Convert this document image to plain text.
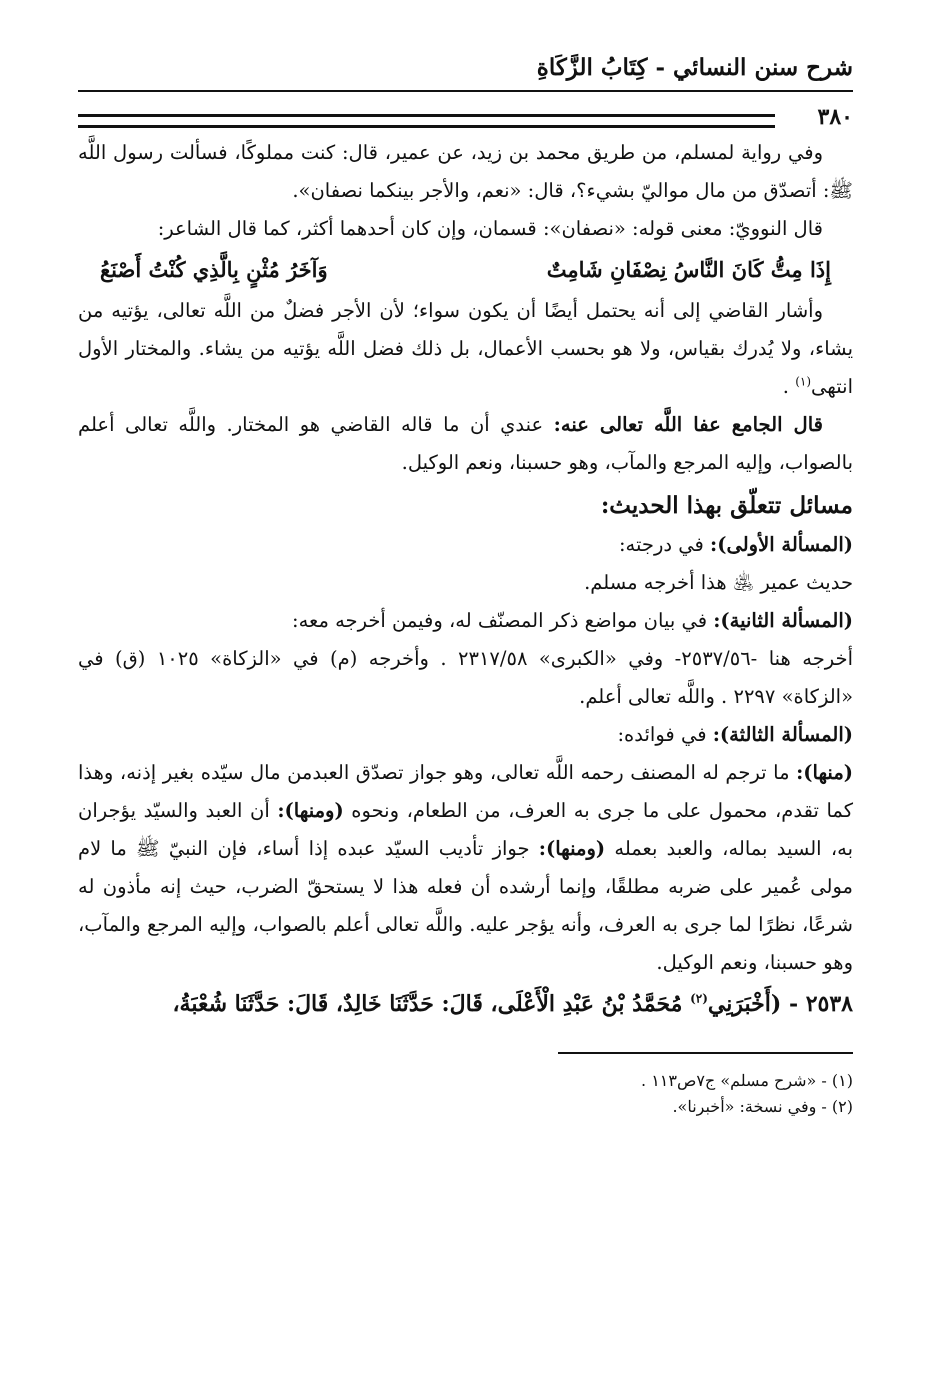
شرح سنن النسائي - كِتَابُ الزَّكَاةِ
٣٨٠

وفي رواية لمسلم، من طريق محمد بن زيد، عن عمير، قال: كنت مملوكًا، فسألت رسول اللَّه ﷺ: أتصدّق من مال مواليّ بشيء؟، قال: «نعم، والأجر بينكما نصفان».

قال النوويّ: معنى قوله: «نصفان»: قسمان، وإن كان أحدهما أكثر، كما قال الشاعر:

إِذَا مِتُّ كَانَ النَّاسُ نِصْفَانِ شَامِتٌ
وَآخَرُ مُثْنٍ بِالَّذِي كُنْتُ أَصْنَعُ

وأشار القاضي إلى أنه يحتمل أيضًا أن يكون سواء؛ لأن الأجر فضلٌ من اللَّه تعالى، يؤتيه من يشاء، ولا يُدرك بقياس، ولا هو بحسب الأعمال، بل ذلك فضل اللَّه يؤتيه من يشاء. والمختار الأول انتهى$^{(١)}$ .

قال الجامع عفا اللَّه تعالى عنه: عندي أن ما قاله القاضي هو المختار. واللَّه تعالى أعلم بالصواب، وإليه المرجع والمآب، وهو حسبنا، ونعم الوكيل.

مسائل تتعلّق بهذا الحديث:

(المسألة الأولى): في درجته:

حديث عمير ﵁ هذا أخرجه مسلم.

(المسألة الثانية): في بيان مواضع ذكر المصنّف له، وفيمن أخرجه معه:

أخرجه هنا -٢٥٣٧/٥٦- وفي «الكبرى» ٢٣١٧/٥٨ . وأخرجه (م) في «الزكاة» ١٠٢٥ (ق) في «الزكاة» ٢٢٩٧ . واللَّه تعالى أعلم.

(المسألة الثالثة): في فوائده:

(منها): ما ترجم له المصنف رحمه اللَّه تعالى، وهو جواز تصدّق العبدمن مال سيّده بغير إذنه، وهذا كما تقدم، محمول على ما جرى به العرف، من الطعام، ونحوه (ومنها): أن العبد والسيّد يؤجران به، السيد بماله، والعبد بعمله (ومنها): جواز تأديب السيّد عبده إذا أساء، فإن النبيّ ﷺ ما لام مولى عُمير على ضربه مطلقًا، وإنما أرشده أن فعله هذا لا يستحقّ الضرب، حيث إنه مأذون له شرعًا، نظرًا لما جرى به العرف، وأنه يؤجر عليه. واللَّه تعالى أعلم بالصواب، وإليه المرجع والمآب، وهو حسبنا، ونعم الوكيل.

٢٥٣٨ - (أَخْبَرَنِي$^{(٢)}$ مُحَمَّدُ بْنُ عَبْدِ الْأَعْلَى، قَالَ: حَدَّثَنَا خَالِدٌ، قَالَ: حَدَّثَنَا شُعْبَةُ،

(١) - «شرح مسلم» ج٧ص١١٣ .

(٢) - وفي نسخة: «أخبرنا».
